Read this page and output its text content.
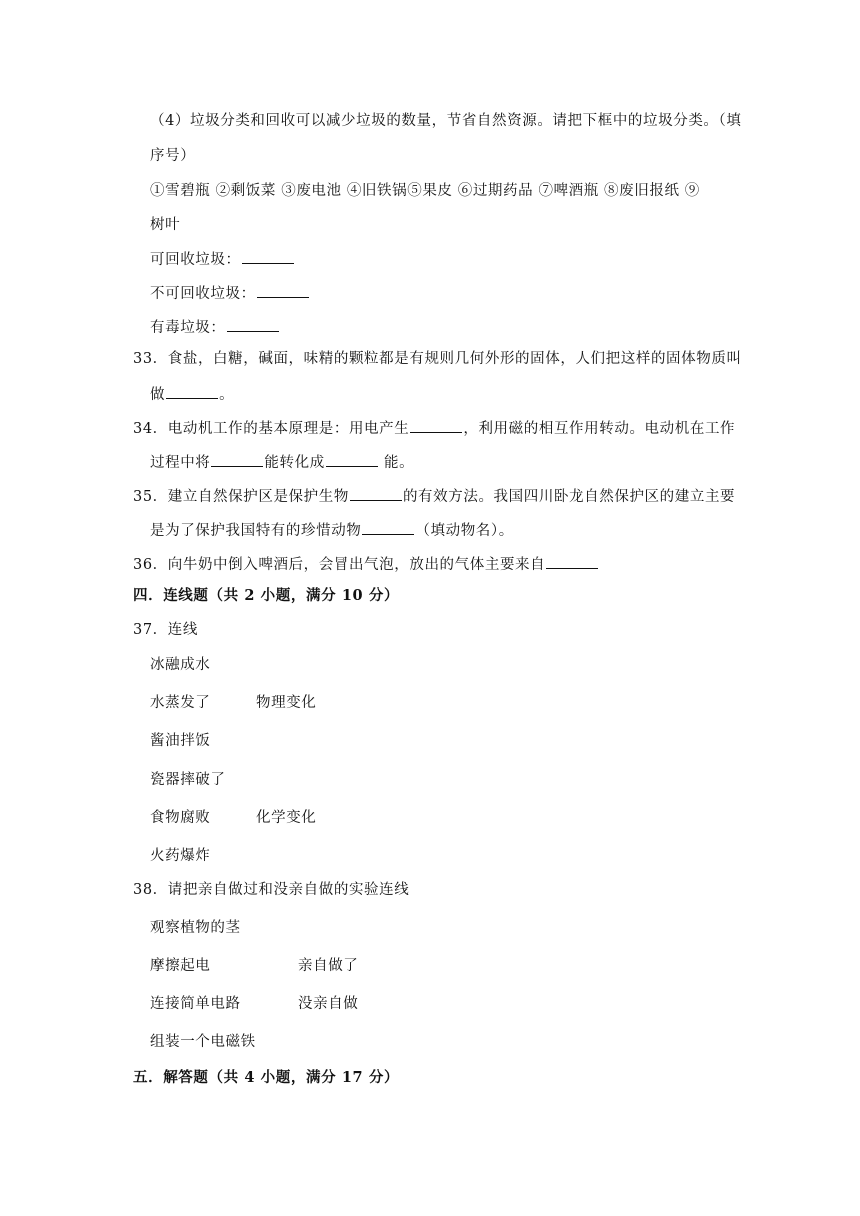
（4）垃圾分类和回收可以减少垃圾的数量，节省自然资源。请把下框中的垃圾分类。（填
序号）
①雪碧瓶 ②剩饭菜 ③废电池 ④旧铁锅⑤果皮 ⑥过期药品 ⑦啤酒瓶 ⑧废旧报纸 ⑨
树叶
可回收垃圾：
不可回收垃圾：
有毒垃圾：
33．食盐，白糖，碱面，味精的颗粒都是有规则几何外形的固体，人们把这样的固体物质叫
做	。
34．电动机工作的基本原理是：用电产生	，利用磁的相互作用转动。电动机在工作
过程中将	能转化成	能。
35．建立自然保护区是保护生物	的有效方法。我国四川卧龙自然保护区的建立主要
是为了保护我国特有的珍惜动物	（填动物名）。
36．向牛奶中倒入啤酒后，会冒出气泡，放出的气体主要来自
四．连线题（共 2 小题，满分 10 分）
37．连线
冰融成水
水蒸发了	物理变化
酱油拌饭
瓷器摔破了
食物腐败	化学变化
火药爆炸
38．请把亲自做过和没亲自做的实验连线
观察植物的茎
摩擦起电	亲自做了
连接简单电路	没亲自做
组装一个电磁铁
五．解答题（共 4 小题，满分 17 分）
